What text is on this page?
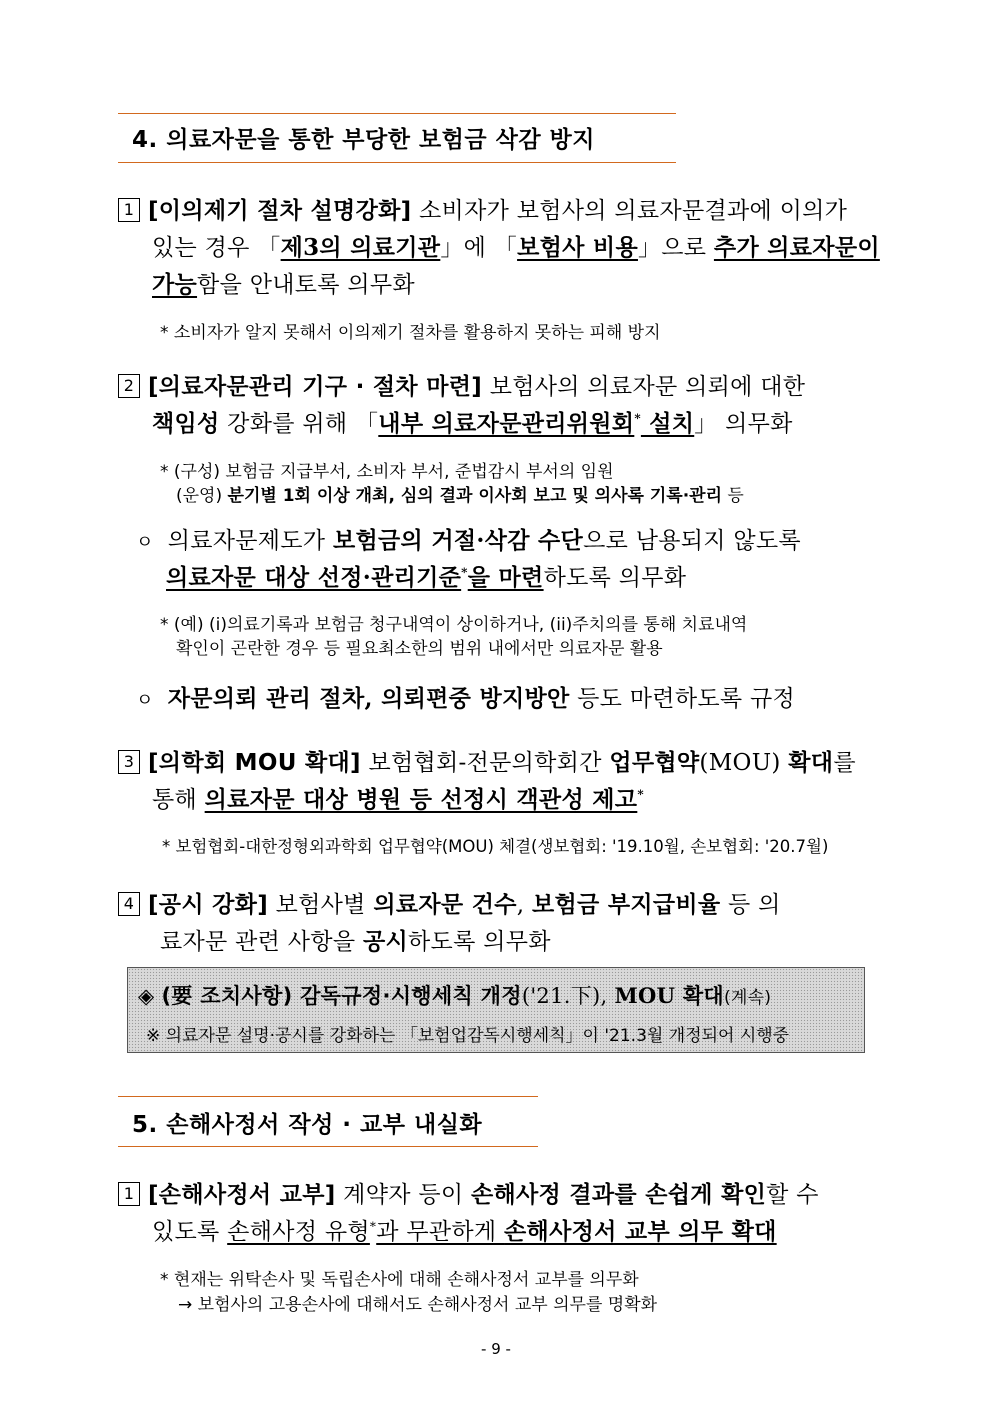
4. 의료자문을 통한 부당한 보험금 삭감 방지
1 [이의제기 절차 설명강화] 소비자가 보험사의 의료자문결과에 이의가
있는 경우 「제3의 의료기관」에 「보험사 비용」으로 추가 의료자문이
가능함을 안내토록 의무화
* 소비자가 알지 못해서 이의제기 절차를 활용하지 못하는 피해 방지
2 [의료자문관리 기구 · 절차 마련] 보험사의 의료자문 의뢰에 대한
책임성 강화를 위해 「내부 의료자문관리위원회* 설치」 의무화
* (구성) 보험금 지급부서, 소비자 부서, 준법감시 부서의 임원
(운영) 분기별 1회 이상 개최, 심의 결과 이사회 보고 및 의사록 기록·관리 등
ㅇ 의료자문제도가 보험금의 거절·삭감 수단으로 남용되지 않도록
의료자문 대상 선정·관리기준*을 마련하도록 의무화
* (예) (i)의료기록과 보험금 청구내역이 상이하거나, (ii)주치의를 통해 치료내역
확인이 곤란한 경우 등 필요최소한의 범위 내에서만 의료자문 활용
ㅇ 자문의뢰 관리 절차, 의뢰편중 방지방안 등도 마련하도록 규정
3 [의학회 MOU 확대] 보험협회-전문의학회간 업무협약(MOU) 확대를
통해 의료자문 대상 병원 등 선정시 객관성 제고*
* 보험협회-대한정형외과학회 업무협약(MOU) 체결(생보협회: '19.10월, 손보협회: '20.7월)
4 [공시 강화] 보험사별 의료자문 건수, 보험금 부지급비율 등 의
료자문 관련 사항을 공시하도록 의무화
◈ (要 조치사항) 감독규정·시행세칙 개정('21.下), MOU 확대(계속)
※ 의료자문 설명·공시를 강화하는 「보험업감독시행세칙」이 '21.3월 개정되어 시행중
5. 손해사정서 작성 · 교부 내실화
1 [손해사정서 교부] 계약자 등이 손해사정 결과를 손쉽게 확인할 수
있도록 손해사정 유형*과 무관하게 손해사정서 교부 의무 확대
* 현재는 위탁손사 및 독립손사에 대해 손해사정서 교부를 의무화
→ 보험사의 고용손사에 대해서도 손해사정서 교부 의무를 명확화
- 9 -
